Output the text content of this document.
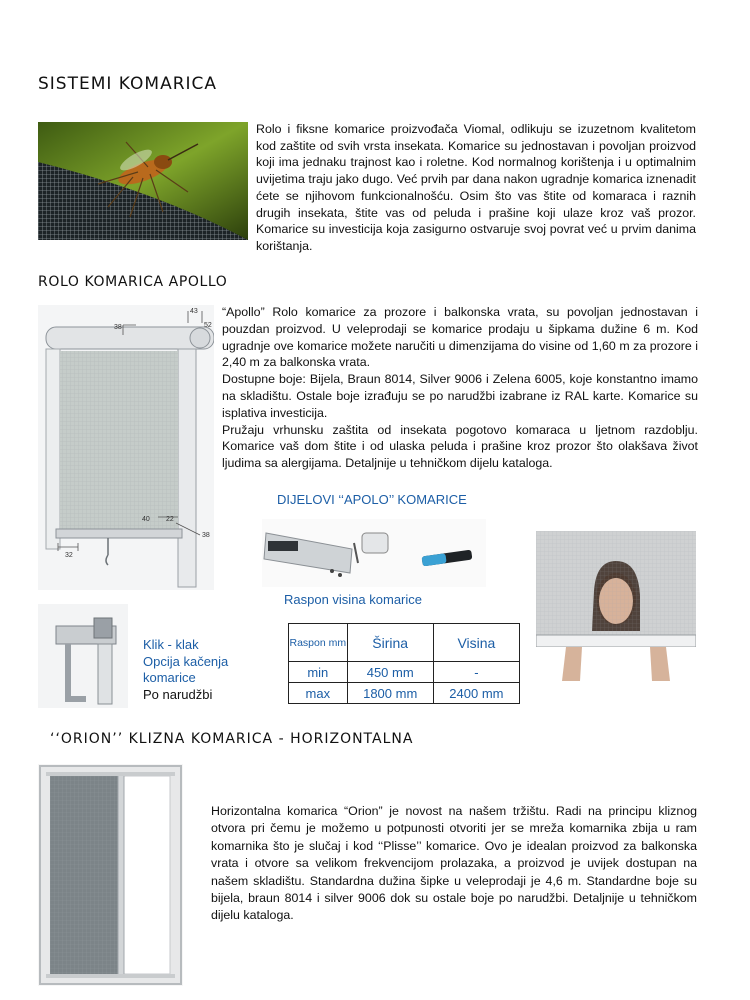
SISTEMI KOMARICA

Rolo i fiksne komarice proizvođača Viomal, odlikuju se izuzetnom kvalitetom kod zaštite od svih vrsta insekata. Komarice su jednostavan i povoljan proizvod koji ima jednaku trajnost kao i roletne. Kod normalnog korištenja i u optimalnim uvijetima traju jako dugo. Već prvih par dana nakon ugradnje komarica iznenadit ćete se njihovom funkcionalnošću. Osim što vas štite od komaraca i raznih drugih insekata, štite vas od peluda i prašine koji ulaze kroz vaš prozor. Komarice su investicija koja zasigurno ostvaruje svoj povrat već u prvim danima korištanja.

ROLO KOMARICA APOLLO
38
43
52
32
40 22
38

“Apollo” Rolo komarice za prozore i balkonska vrata, su povoljan jednostavan i pouzdan proizvod. U veleprodaji se komarice prodaju u šipkama dužine 6 m. Kod ugradnje ove komarice možete naručiti u dimenzijama do visine od 1,60 m za prozore i 2,40 m za balkonska vrata.

Dostupne boje: Bijela, Braun 8014, Silver 9006 i Zelena 6005, koje konstantno imamo na skladištu. Ostale boje izrađuju se po narudžbi izabrane iz RAL karte. Komarice su isplativa investicija.

Pružaju vrhunsku zaštita od insekata pogotovo komaraca u ljetnom razdoblju. Komarice vaš dom štite i od ulaska peluda i prašine kroz prozor što olakšava život ljudima sa alergijama. Detaljnije u tehničkom dijelu kataloga.

DIJELOVI ‘‘APOLO’’ KOMARICE
Raspon visina komarice
Klik - klak
Opcija kačenja
komarice
Po narudžbi
Raspon mm	Širina	Visina
min	450 mm	-
max	1800 mm	2400 mm
‘‘ORION’’ KLIZNA KOMARICA - HORIZONTALNA

Horizontalna komarica “Orion” je novost na našem tržištu. Radi na principu kliznog otvora pri čemu je možemo u potpunosti otvoriti jer se mreža komarnika zbija u ram komarnika što je slučaj i kod ‘‘Plisse’’ komarice. Ovo je idealan proizvod za balkonska vrata i otvore sa velikom frekvencijom prolazaka, a proizvod je uvijek dostupan na našem skladištu. Standardna dužina šipke u veleprodaji je 4,6 m. Standardne boje su bijela, braun 8014 i silver 9006 dok su ostale boje po narudžbi. Detaljnije u tehničkom dijelu kataloga.
